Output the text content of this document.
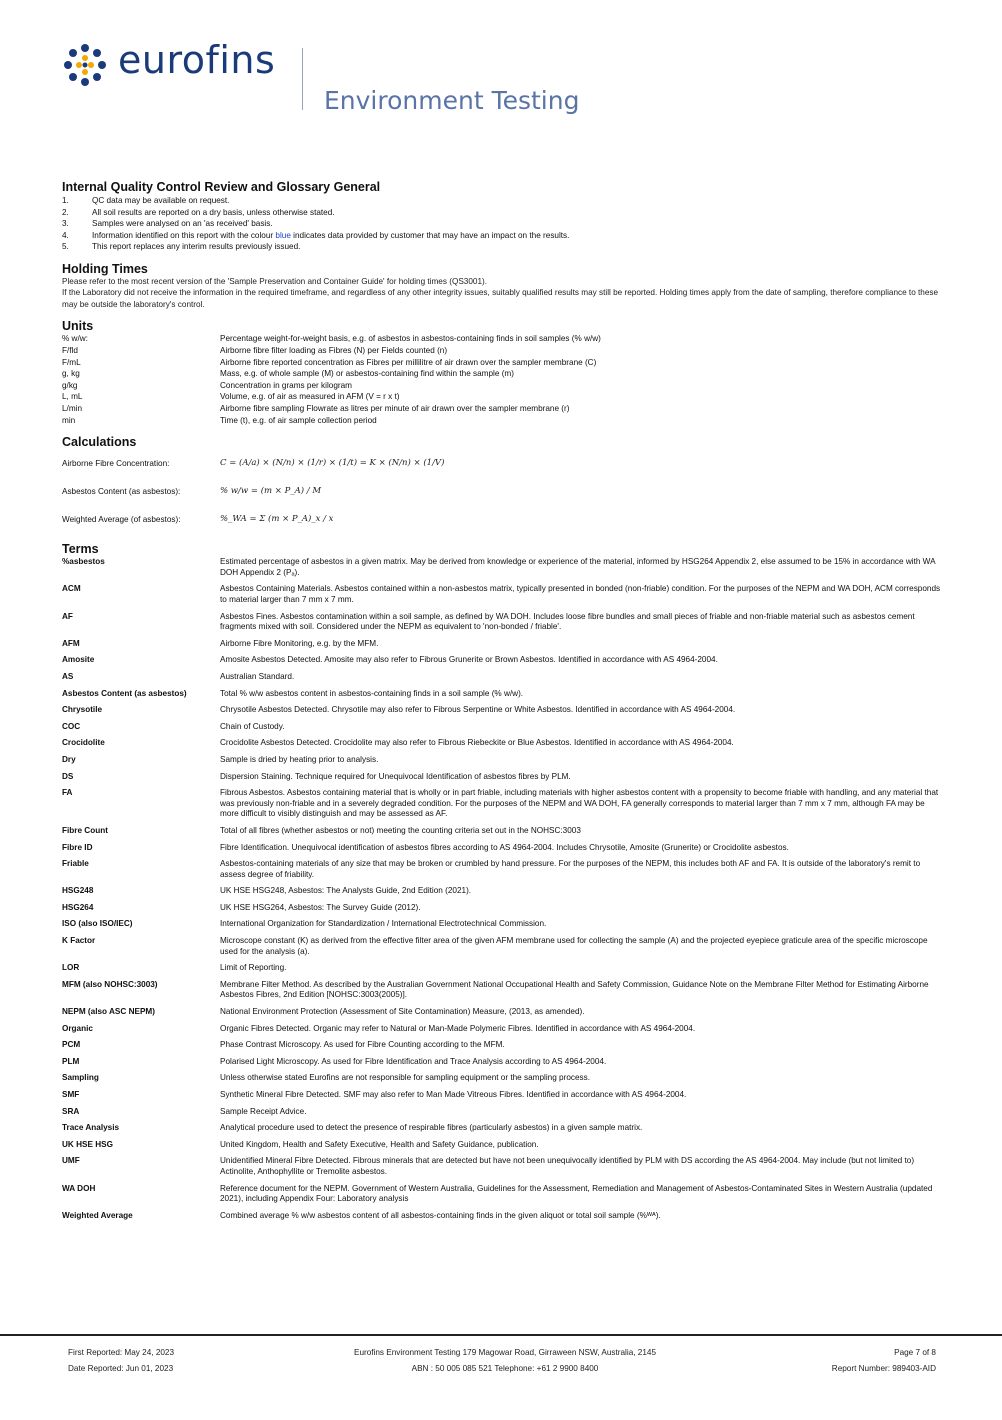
eurofins
Environment Testing
Internal Quality Control Review and Glossary General
1.	QC data may be available on request.
2.	All soil results are reported on a dry basis, unless otherwise stated.
3.	Samples were analysed on an 'as received' basis.
4.	Information identified on this report with the colour blue indicates data provided by customer that may have an impact on the results.
5.	This report replaces any interim results previously issued.
Holding Times
Please refer to the most recent version of the 'Sample Preservation and Container Guide' for holding times (QS3001).
If the Laboratory did not receive the information in the required timeframe, and regardless of any other integrity issues, suitably qualified results may still be reported. Holding times apply from the date of sampling, therefore compliance to these may be outside the laboratory's control.
Units
% w/w:	Percentage weight-for-weight basis, e.g. of asbestos in asbestos-containing finds in soil samples (% w/w)
F/fld	Airborne fibre filter loading as Fibres (N) per Fields counted (n)
F/mL	Airborne fibre reported concentration as Fibres per millilitre of air drawn over the sampler membrane (C)
g, kg	Mass, e.g. of whole sample (M) or asbestos-containing find within the sample (m)
g/kg	Concentration in grams per kilogram
L, mL	Volume, e.g. of air as measured in AFM (V = r x t)
L/min	Airborne fibre sampling Flowrate as litres per minute of air drawn over the sampler membrane (r)
min	Time (t), e.g. of air sample collection period
Calculations
Airborne Fibre Concentration:	C = (A/a) × (N/n) × (1/r) × (1/t) = K × (N/n) × (1/V)
Asbestos Content (as asbestos):	% w/w = (m × P_A) / M
Weighted Average (of asbestos):	%_WA = Σ (m × P_A)_x / x
Terms
%asbestos	Estimated percentage of asbestos in a given matrix. May be derived from knowledge or experience of the material, informed by HSG264 Appendix 2, else assumed to be 15% in accordance with WA DOH Appendix 2 (Pₐ).
ACM	Asbestos Containing Materials. Asbestos contained within a non-asbestos matrix, typically presented in bonded (non-friable) condition. For the purposes of the NEPM and WA DOH, ACM corresponds to material larger than 7 mm x 7 mm.
AF	Asbestos Fines. Asbestos contamination within a soil sample, as defined by WA DOH. Includes loose fibre bundles and small pieces of friable and non-friable material such as asbestos cement fragments mixed with soil. Considered under the NEPM as equivalent to 'non-bonded / friable'.
AFM	Airborne Fibre Monitoring, e.g. by the MFM.
Amosite	Amosite Asbestos Detected. Amosite may also refer to Fibrous Grunerite or Brown Asbestos. Identified in accordance with AS 4964-2004.
AS	Australian Standard.
Asbestos Content (as asbestos)	Total % w/w asbestos content in asbestos-containing finds in a soil sample (% w/w).
Chrysotile	Chrysotile Asbestos Detected. Chrysotile may also refer to Fibrous Serpentine or White Asbestos. Identified in accordance with AS 4964-2004.
COC	Chain of Custody.
Crocidolite	Crocidolite Asbestos Detected. Crocidolite may also refer to Fibrous Riebeckite or Blue Asbestos. Identified in accordance with AS 4964-2004.
Dry	Sample is dried by heating prior to analysis.
DS	Dispersion Staining. Technique required for Unequivocal Identification of asbestos fibres by PLM.
FA	Fibrous Asbestos. Asbestos containing material that is wholly or in part friable, including materials with higher asbestos content with a propensity to become friable with handling, and any material that was previously non-friable and in a severely degraded condition. For the purposes of the NEPM and WA DOH, FA generally corresponds to material larger than 7 mm x 7 mm, although FA may be more difficult to visibly distinguish and may be assessed as AF.
Fibre Count	Total of all fibres (whether asbestos or not) meeting the counting criteria set out in the NOHSC:3003
Fibre ID	Fibre Identification. Unequivocal identification of asbestos fibres according to AS 4964-2004. Includes Chrysotile, Amosite (Grunerite) or Crocidolite asbestos.
Friable	Asbestos-containing materials of any size that may be broken or crumbled by hand pressure. For the purposes of the NEPM, this includes both AF and FA. It is outside of the laboratory's remit to assess degree of friability.
HSG248	UK HSE HSG248, Asbestos: The Analysts Guide, 2nd Edition (2021).
HSG264	UK HSE HSG264, Asbestos: The Survey Guide (2012).
ISO (also ISO/IEC)	International Organization for Standardization / International Electrotechnical Commission.
K Factor	Microscope constant (K) as derived from the effective filter area of the given AFM membrane used for collecting the sample (A) and the projected eyepiece graticule area of the specific microscope used for the analysis (a).
LOR	Limit of Reporting.
MFM (also NOHSC:3003)	Membrane Filter Method. As described by the Australian Government National Occupational Health and Safety Commission, Guidance Note on the Membrane Filter Method for Estimating Airborne Asbestos Fibres, 2nd Edition [NOHSC:3003(2005)].
NEPM (also ASC NEPM)	National Environment Protection (Assessment of Site Contamination) Measure, (2013, as amended).
Organic	Organic Fibres Detected. Organic may refer to Natural or Man-Made Polymeric Fibres. Identified in accordance with AS 4964-2004.
PCM	Phase Contrast Microscopy. As used for Fibre Counting according to the MFM.
PLM	Polarised Light Microscopy. As used for Fibre Identification and Trace Analysis according to AS 4964-2004.
Sampling	Unless otherwise stated Eurofins are not responsible for sampling equipment or the sampling process.
SMF	Synthetic Mineral Fibre Detected. SMF may also refer to Man Made Vitreous Fibres. Identified in accordance with AS 4964-2004.
SRA	Sample Receipt Advice.
Trace Analysis	Analytical procedure used to detect the presence of respirable fibres (particularly asbestos) in a given sample matrix.
UK HSE HSG	United Kingdom, Health and Safety Executive, Health and Safety Guidance, publication.
UMF	Unidentified Mineral Fibre Detected. Fibrous minerals that are detected but have not been unequivocally identified by PLM with DS according the AS 4964-2004. May include (but not limited to) Actinolite, Anthophyllite or Tremolite asbestos.
WA DOH	Reference document for the NEPM. Government of Western Australia, Guidelines for the Assessment, Remediation and Management of Asbestos-Contaminated Sites in Western Australia (updated 2021), including Appendix Four: Laboratory analysis
Weighted Average	Combined average % w/w asbestos content of all asbestos-containing finds in the given aliquot or total soil sample (%ᵂᴬ).
First Reported: May 24, 2023
Date Reported: Jun 01, 2023
Eurofins Environment Testing 179 Magowar Road, Girraween NSW, Australia, 2145
ABN : 50 005 085 521 Telephone: +61 2 9900 8400
Page 7 of 8
Report Number: 989403-AID
